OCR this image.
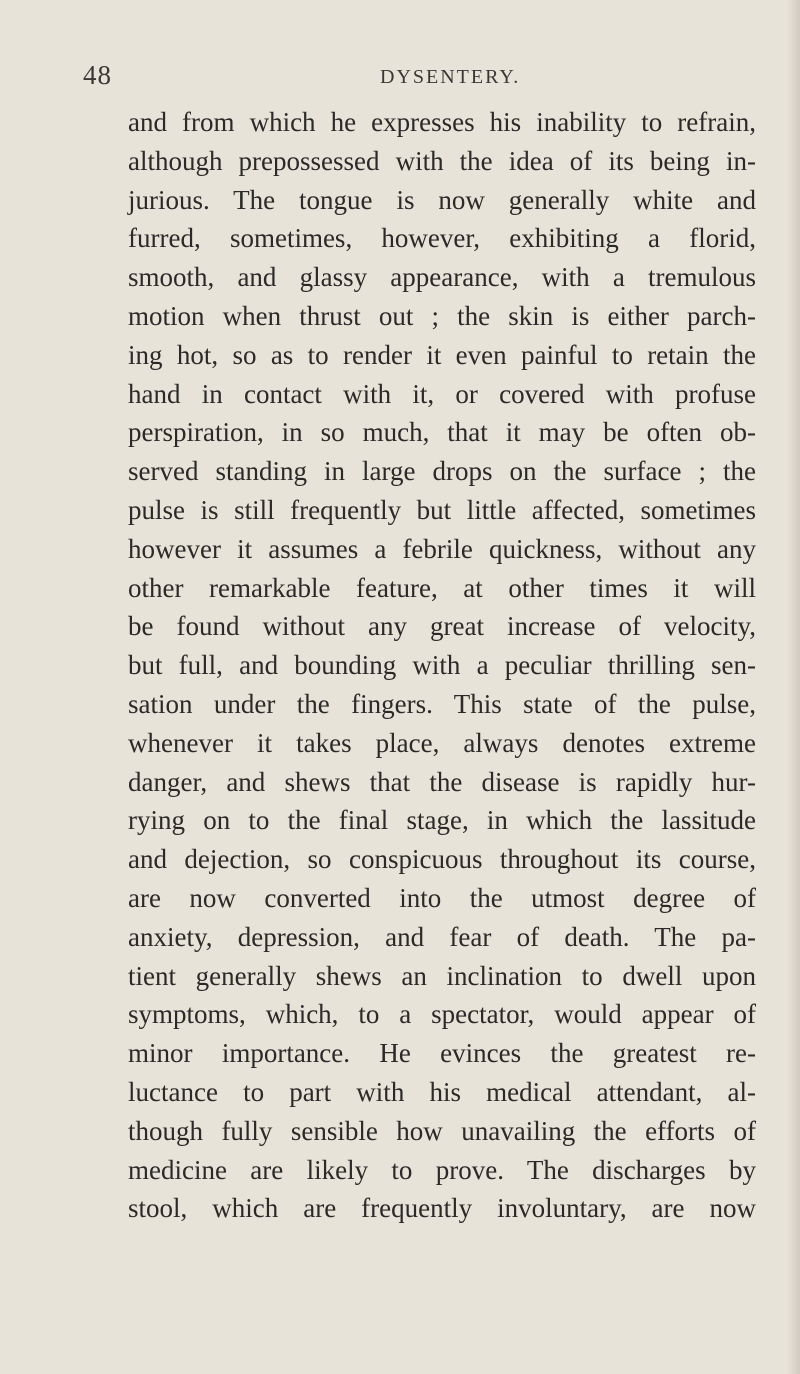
48	DYSENTERY.
and from which he expresses his inability to refrain,
although prepossessed with the idea of its being in-
jurious. The tongue is now generally white and
furred, sometimes, however, exhibiting a florid,
smooth, and glassy appearance, with a tremulous
motion when thrust out ; the skin is either parch-
ing hot, so as to render it even painful to retain the
hand in contact with it, or covered with profuse
perspiration, in so much, that it may be often ob-
served standing in large drops on the surface ; the
pulse is still frequently but little affected, sometimes
however it assumes a febrile quickness, without any
other remarkable feature, at other times it will
be found without any great increase of velocity,
but full, and bounding with a peculiar thrilling sen-
sation under the fingers. This state of the pulse,
whenever it takes place, always denotes extreme
danger, and shews that the disease is rapidly hur-
rying on to the final stage, in which the lassitude
and dejection, so conspicuous throughout its course,
are now converted into the utmost degree of
anxiety, depression, and fear of death. The pa-
tient generally shews an inclination to dwell upon
symptoms, which, to a spectator, would appear of
minor importance. He evinces the greatest re-
luctance to part with his medical attendant, al-
though fully sensible how unavailing the efforts of
medicine are likely to prove. The discharges by
stool, which are frequently involuntary, are now
